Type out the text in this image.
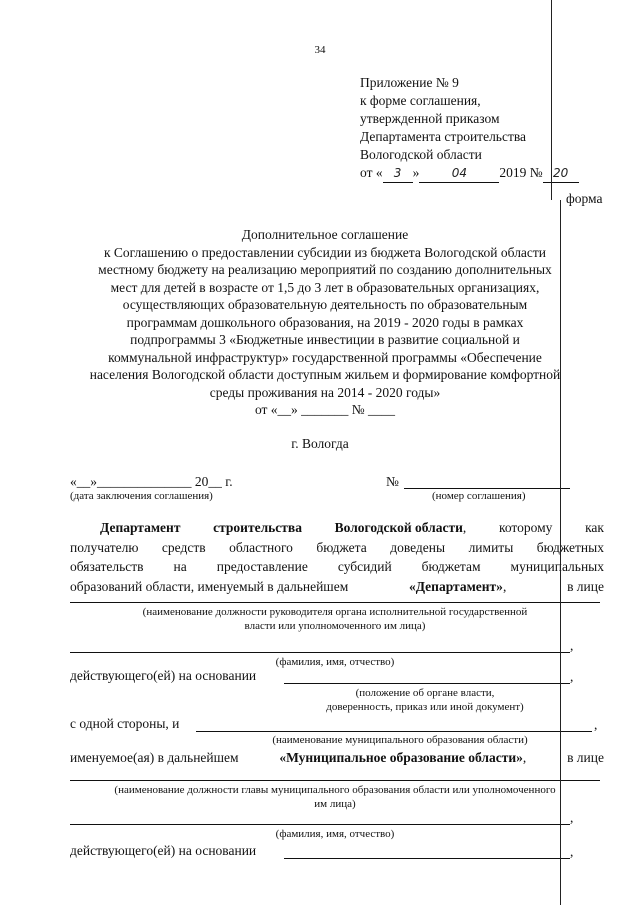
34
Приложение № 9
к форме соглашения,
утвержденной приказом
Департамента строительства
Вологодской области
от « 3 »	04 2019 № 20
форма
Дополнительное соглашение
к Соглашению о предоставлении субсидии из бюджета Вологодской области
местному бюджету на реализацию мероприятий по созданию дополнительных
мест для детей в возрасте от 1,5 до 3 лет в образовательных организациях,
осуществляющих образовательную деятельность по образовательным
программам дошкольного образования, на 2019 - 2020 годы в рамках
подпрограммы 3 «Бюджетные инвестиции в развитие социальной и
коммунальной инфраструктур» государственной программы «Обеспечение
населения Вологодской области доступным жильем и формирование комфортной
среды проживания на 2014 - 2020 годы»
от «__» _______ № ____
г. Вологда
«__»______________ 20__ г.
(дата заключения соглашения)
№
(номер соглашения)
Департамент строительства Вологодской области, которому как
получателю средств областного бюджета доведены лимиты бюджетных
обязательств на предоставление субсидий бюджетам муниципальных
образований области, именуемый в дальнейшем	«Департамент»,	в лице
(наименование должности руководителя органа исполнительной государственной
власти или уполномоченного им лица)
,
(фамилия, имя, отчество)
действующего(ей) на основании	,
(положение об органе власти,
доверенность, приказ или иной документ)
с одной стороны, и	,
(наименование муниципального образования области)
именуемое(ая) в дальнейшем	«Муниципальное образование области»,	в лице
(наименование должности главы муниципального образования области или уполномоченного
им лица)
,
(фамилия, имя, отчество)
действующего(ей) на основании	,
